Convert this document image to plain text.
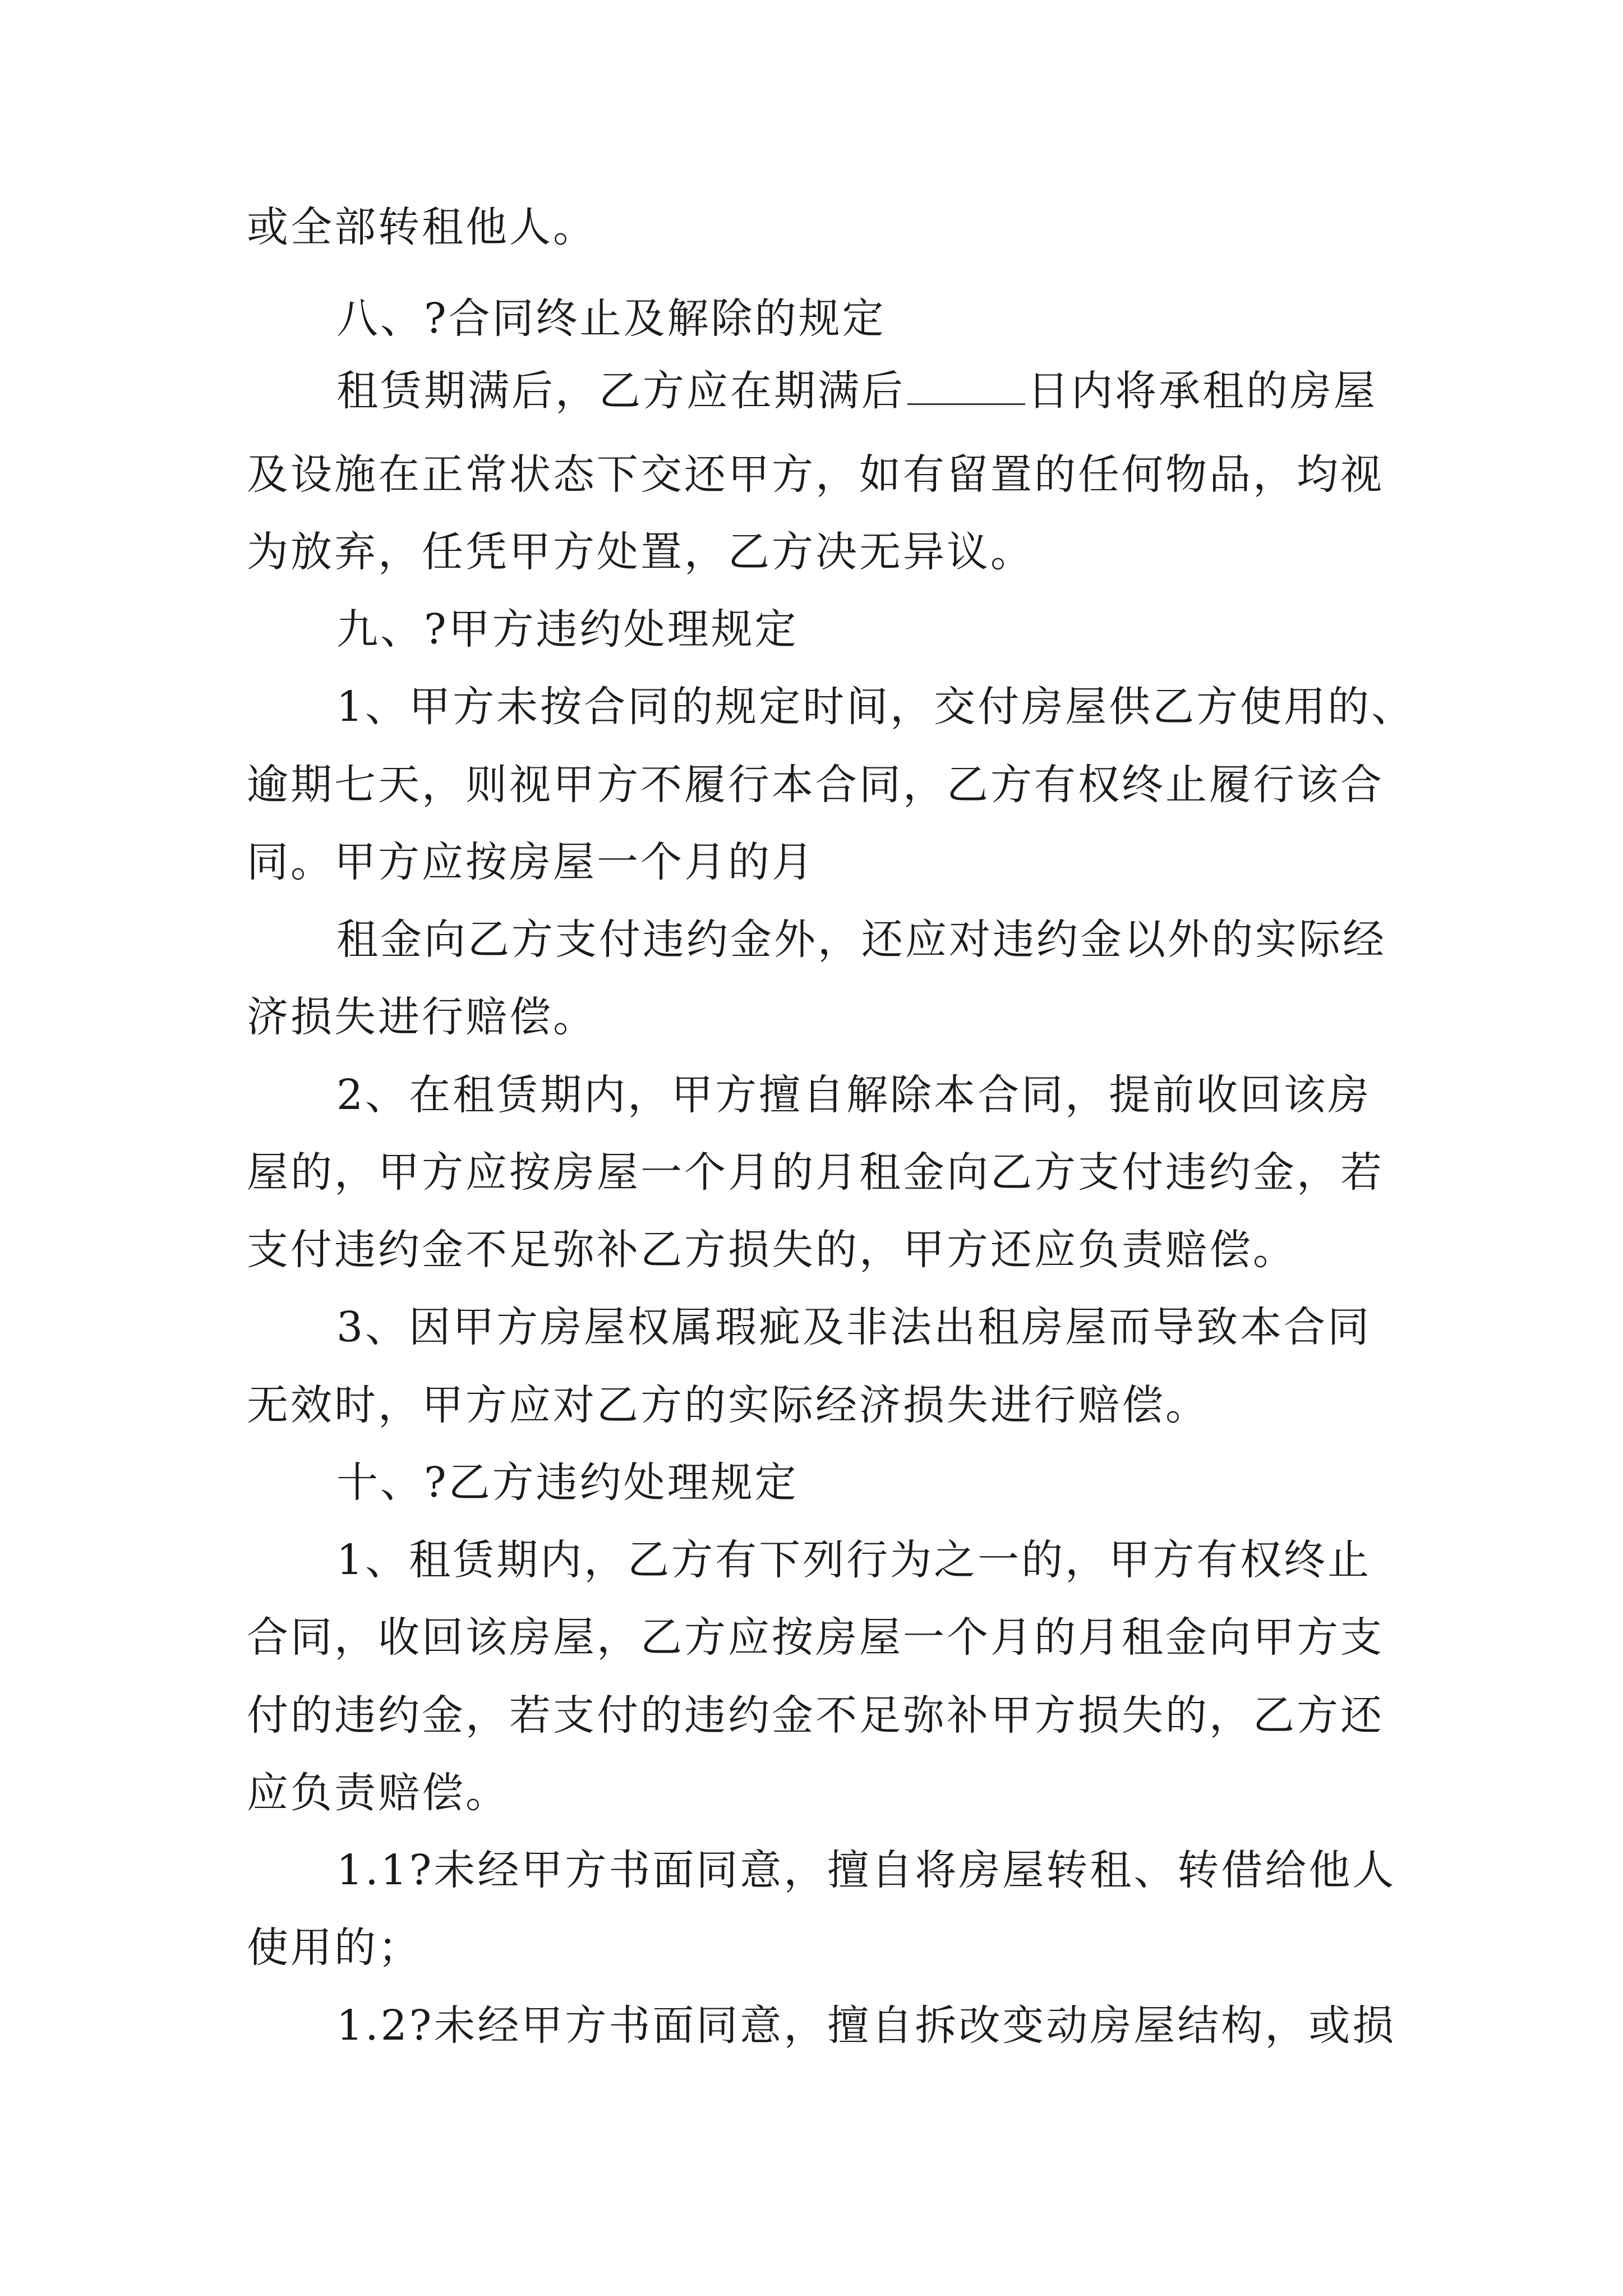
或全部转租他人。
八、?合同终止及解除的规定
租赁期满后，乙方应在期满后	日内将承租的房屋
及设施在正常状态下交还甲方，如有留置的任何物品，均视
为放弃，任凭甲方处置，乙方决无异议。
九、?甲方违约处理规定
1、甲方未按合同的规定时间，交付房屋供乙方使用的、
逾期七天，则视甲方不履行本合同，乙方有权终止履行该合
同。甲方应按房屋一个月的月
租金向乙方支付违约金外，还应对违约金以外的实际经
济损失进行赔偿。
2、在租赁期内，甲方擅自解除本合同，提前收回该房
屋的，甲方应按房屋一个月的月租金向乙方支付违约金，若
支付违约金不足弥补乙方损失的，甲方还应负责赔偿。
3、因甲方房屋权属瑕疵及非法出租房屋而导致本合同
无效时，甲方应对乙方的实际经济损失进行赔偿。
十、?乙方违约处理规定
1、租赁期内，乙方有下列行为之一的，甲方有权终止
合同，收回该房屋，乙方应按房屋一个月的月租金向甲方支
付的违约金，若支付的违约金不足弥补甲方损失的，乙方还
应负责赔偿。
1.1?未经甲方书面同意，擅自将房屋转租、转借给他人
使用的；
1.2?未经甲方书面同意，擅自拆改变动房屋结构，或损
